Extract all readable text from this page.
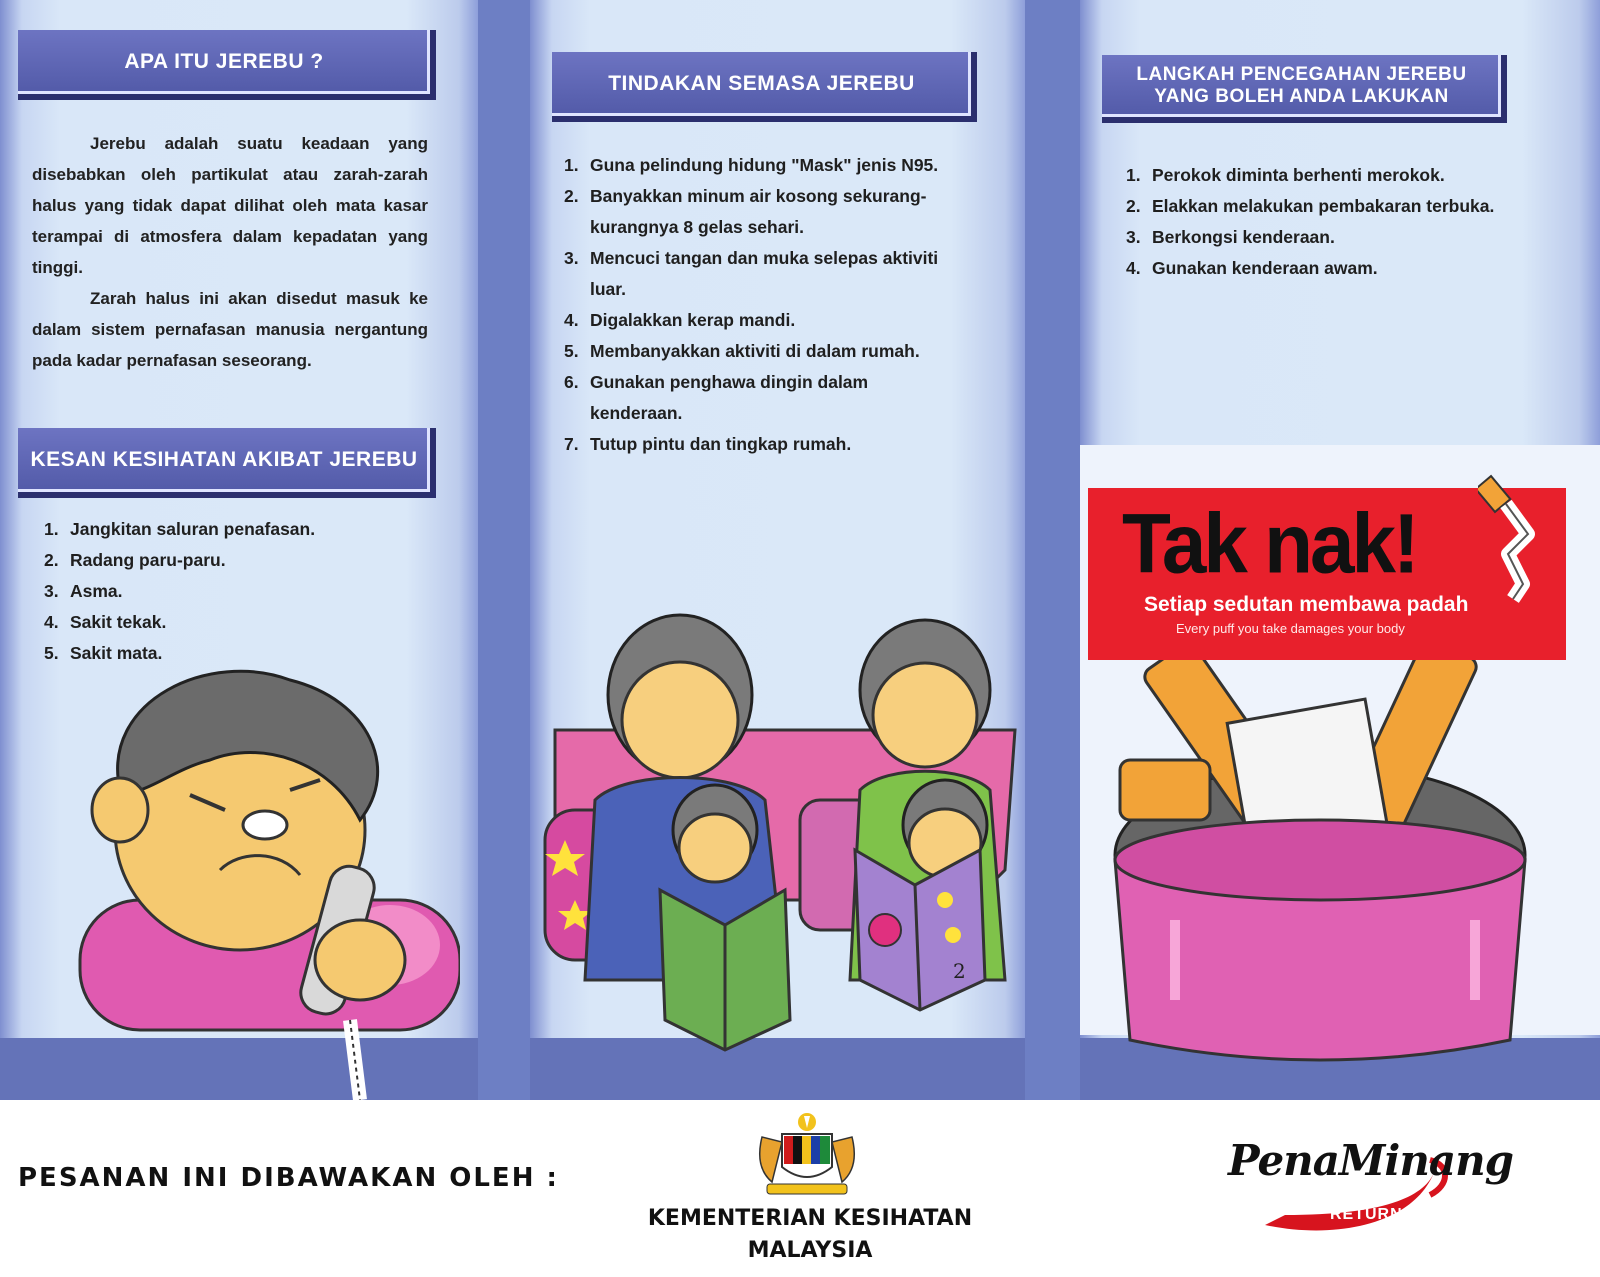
APA ITU JEREBU ?

Jerebu adalah suatu keadaan yang disebabkan oleh partikulat atau zarah-zarah halus yang tidak dapat dilihat oleh mata kasar terampai di atmosfera dalam kepadatan yang tinggi.

Zarah halus ini akan disedut masuk ke dalam sistem pernafasan manusia nergantung pada kadar pernafasan seseorang.

KESAN KESIHATAN AKIBAT JEREBU
1. Jangkitan saluran penafasan.
2. Radang paru-paru.
3. Asma.
4. Sakit tekak.
5. Sakit mata.
TINDAKAN SEMASA JEREBU
1. Guna pelindung hidung "Mask" jenis N95.
2. Banyakkan minum air kosong sekurang-kurangnya 8 gelas sehari.
3. Mencuci tangan dan muka selepas aktiviti luar.
4. Digalakkan kerap mandi.
5. Membanyakkan aktiviti di dalam rumah.
6. Gunakan penghawa dingin dalam kenderaan.
7. Tutup pintu dan tingkap rumah.
2
LANGKAH PENCEGAHAN JEREBU YANG BOLEH ANDA LAKUKAN
1. Perokok diminta berhenti merokok.
2. Elakkan melakukan pembakaran terbuka.
3. Berkongsi kenderaan.
4. Gunakan kenderaan awam.
Tak nak!
Setiap sedutan membawa padah
Every puff you take damages your body
PESANAN INI DIBAWAKAN OLEH :
KEMENTERIAN KESIHATAN
MALAYSIA
PenaMinang
RETURN
